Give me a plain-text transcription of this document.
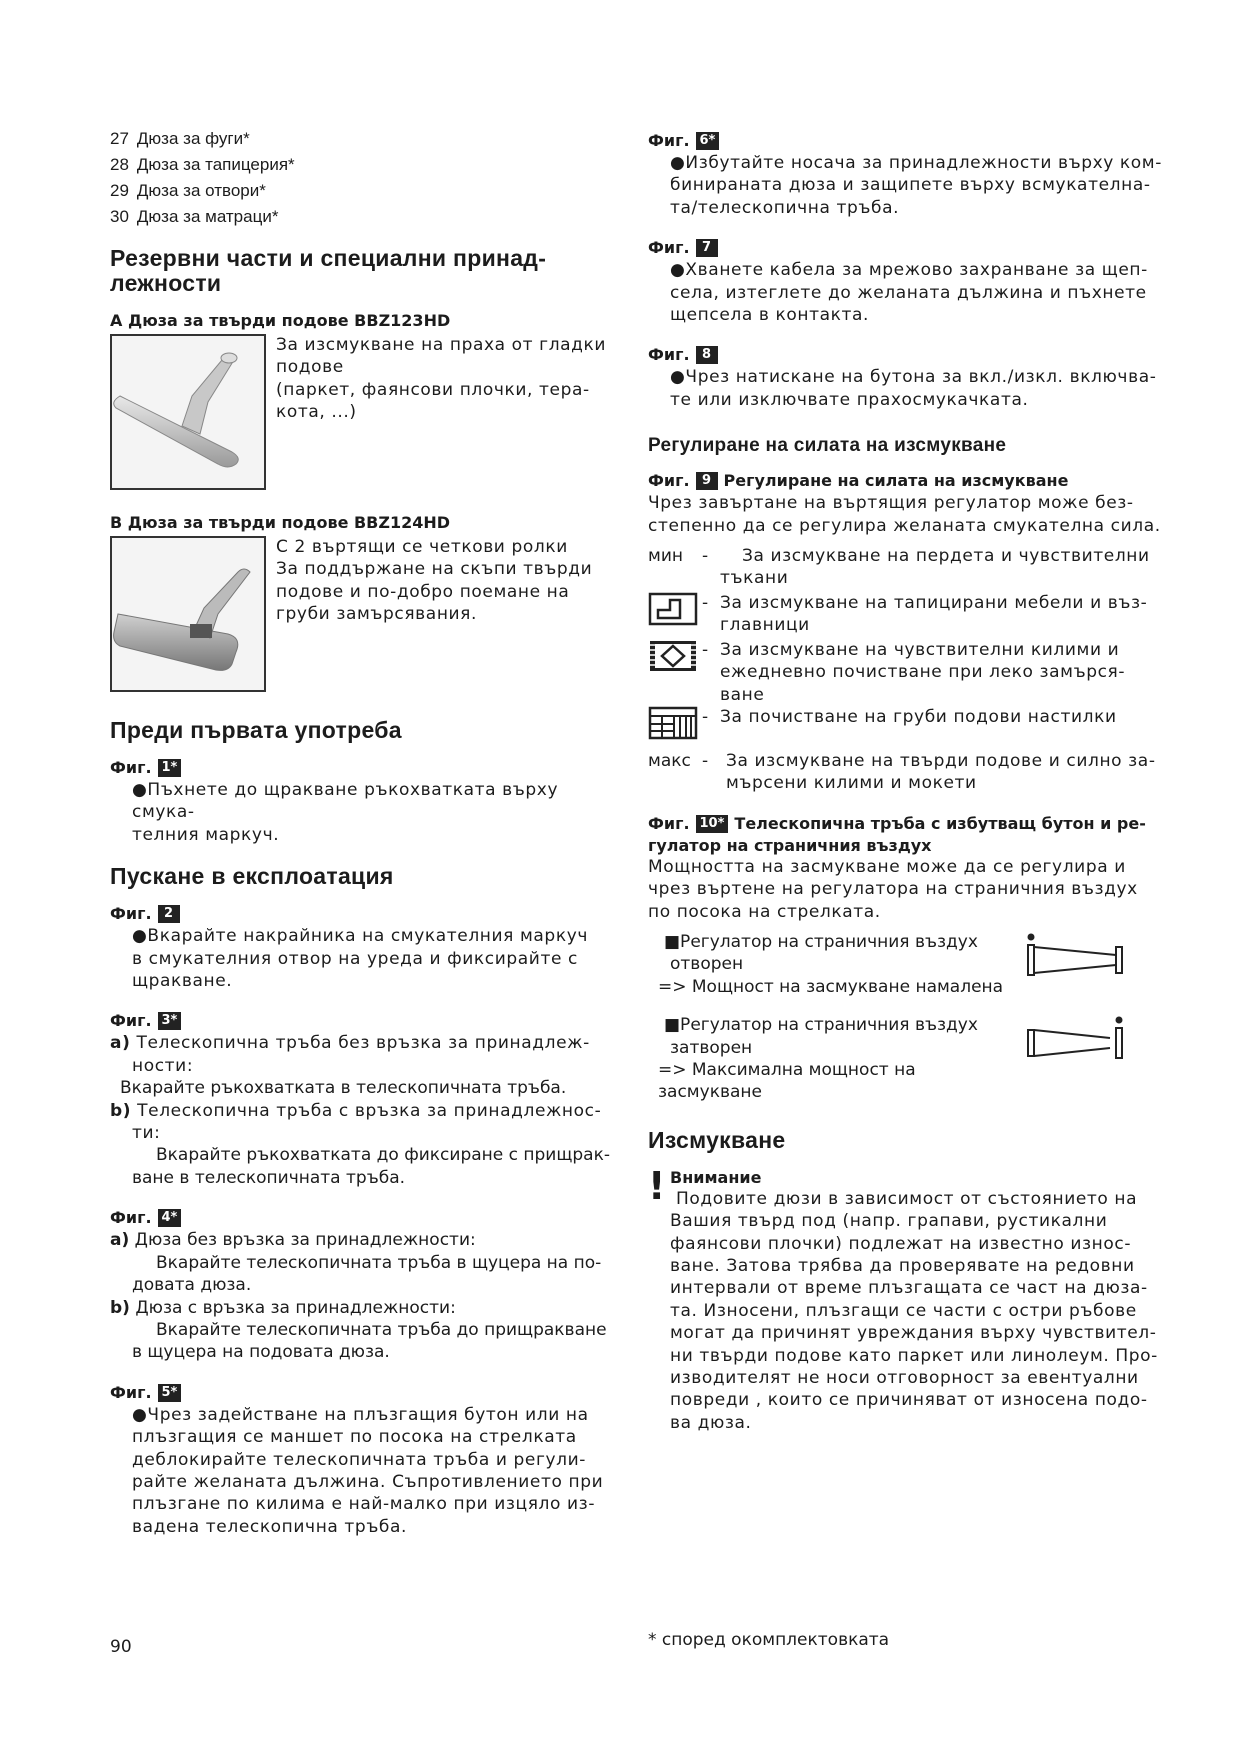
27 Дюза за фуги*
28 Дюза за тапицерия*
29 Дюза за отвори*
30 Дюза за матраци*
Резервни части и специални принад-
лежности
A Дюза за твърди подове BBZ123HD
За изсмукване на праха от гладки
подове
(паркет, фаянсови плочки, тера-
кота, ...)
B Дюза за твърди подове BBZ124HD
С 2 въртящи се четкови ролки
За поддържане на скъпи твърди
подове и по-добро поемане на
груби замърсявания.
Преди първата употреба
Фиг. 1*
●Пъхнете до щракване ръкохватката върху смука-
телния маркуч.
Пускане в експлоатация
Фиг. 2
●Вкарайте накрайника на смукателния маркуч
в смукателния отвор на уреда и фиксирайте с
щракване.
Фиг. 3*
a) Телескопична тръба без връзка за принадлеж-
ности:
Вкарайте ръкохватката в телескопичната тръба.
b) Телескопична тръба с връзка за принадлежнос-
ти:
Вкарайте ръкохватката до фиксиране с прищрак-
ване в телескопичната тръба.
Фиг. 4*
a) Дюза без връзка за принадлежности:
Вкарайте телескопичната тръба в щуцера на по-
довата дюза.
b) Дюза с връзка за принадлежности:
Вкарайте телескопичната тръба до прищракване
в щуцера на подовата дюза.
Фиг. 5*
●Чрез задействане на плъзгащия бутон или на
плъзгащия се маншет по посока на стрелката
деблокирайте телескопичната тръба и регули-
райте желаната дължина. Съпротивлението при
плъзгане по килима е най-малко при изцяло из-
вадена телескопична тръба.
Фиг. 6*
●Избутайте носача за принадлежности върху ком-
бинираната дюза и защипете върху всмукателна-
та/телескопична тръба.
Фиг. 7
●Хванете кабела за мрежово захранване за щеп-
села, изтеглете до желаната дължина и пъхнете
щепсела в контакта.
Фиг. 8
●Чрез натискане на бутона за вкл./изкл. включва-
те или изключвате прахосмукачката.
Регулиране на силата на изсмукване
Фиг. 9 Регулиране на силата на изсмукване
Чрез завъртане на въртящия регулатор може без-
степенно да се регулира желаната смукателна сила.
мин	-	За изсмукване на пердета и чувствителни
тъкани
- За изсмукване на тапицирани мебели и въз-
главници
- За изсмукване на чувствителни килими и
ежедневно почистване при леко замърся-
ване
- За почистване на груби подови настилки
макс -	За изсмукване на твърди подове и силно за-
мърсени килими и мокети
Фиг. 10* Телескопична тръба с избутващ бутон и ре-
гулатор на страничния въздух
Мощността на засмукване може да се регулира и
чрез въртене на регулатора на страничния въздух
по посока на стрелката.
■Регулатор на страничния въздух
отворен
=> Мощност на засмукване намалена
■Регулатор на страничния въздух
затворен
=> Максимална мощност на засмукване
Изсмукване
! Внимание
Подовите дюзи в зависимост от състоянието на
Вашия твърд под (напр. грапави, рустикални
фаянсови плочки) подлежат на известно износ-
ване. Затова трябва да проверявате на редовни
интервали от време плъзгащата се част на дюза-
та. Износени, плъзгащи се части с остри ръбове
могат да причинят увреждания върху чувствител-
ни твърди подове като паркет или линолеум. Про-
изводителят не носи отговорност за евентуални
повреди , които се причиняват от износена подо-
ва дюза.
90	* според окомплектовката
